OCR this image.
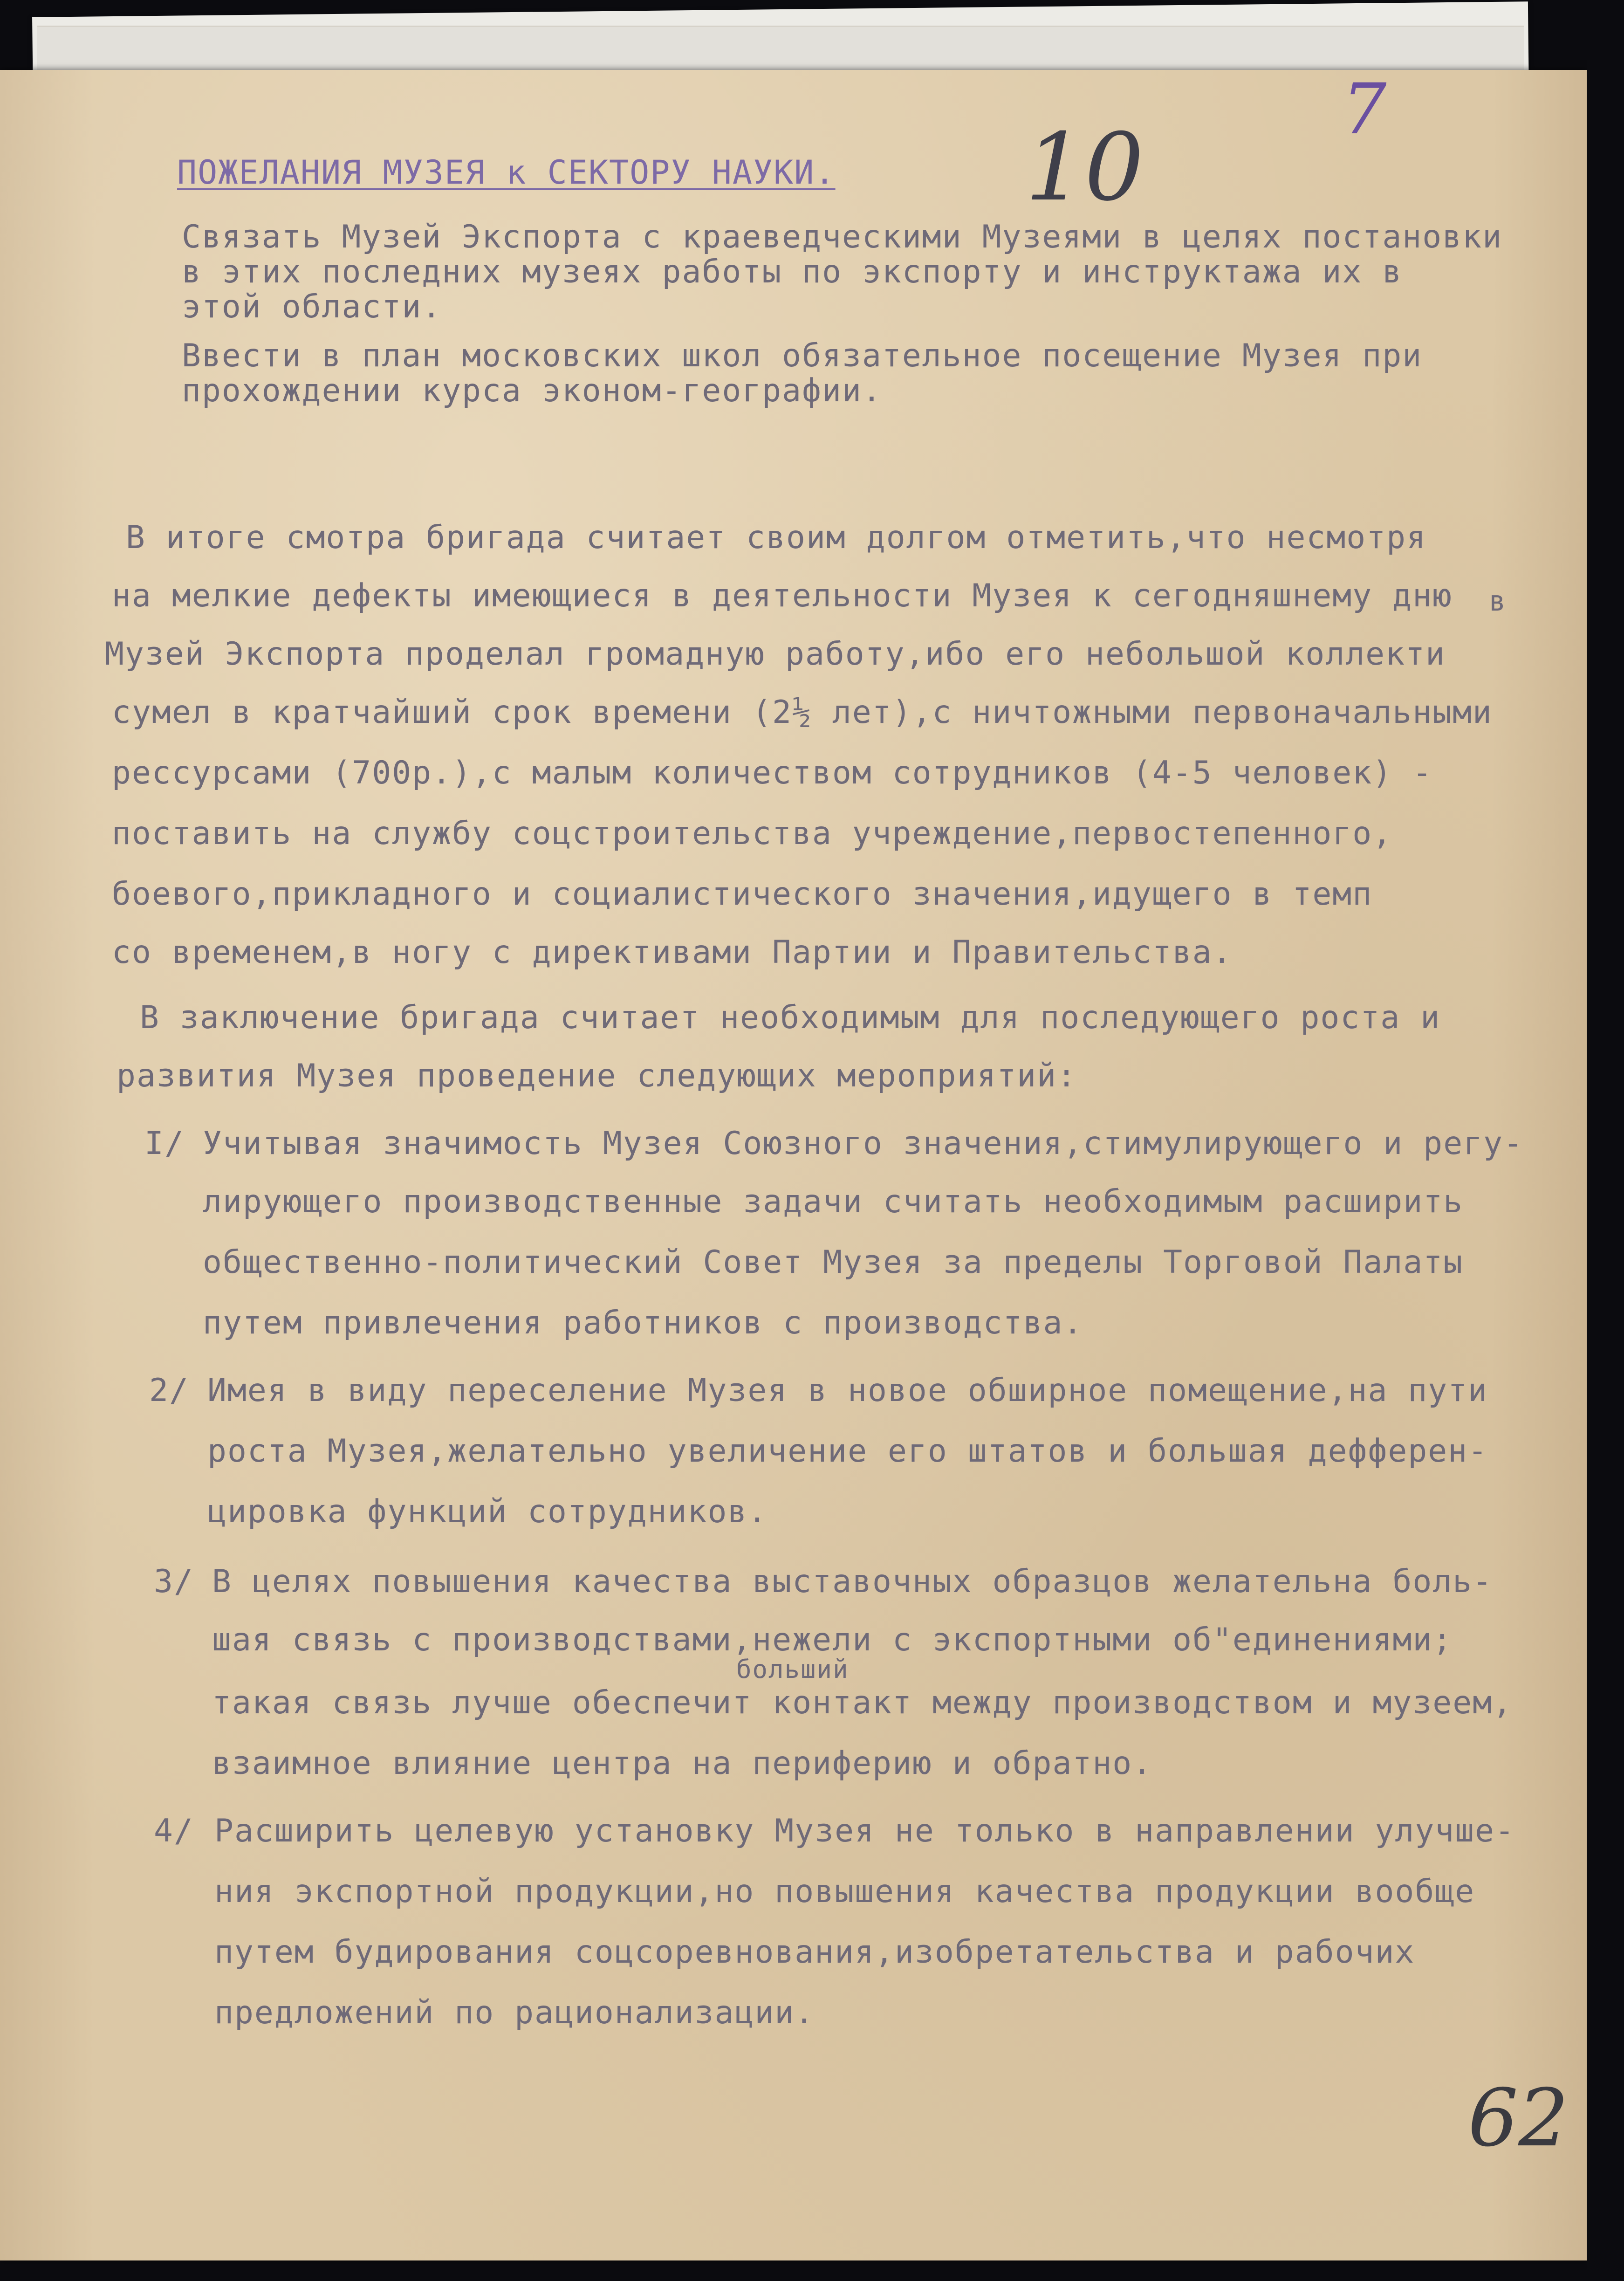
7
10
ПОЖЕЛАНИЯ МУЗЕЯ к СЕКТОРУ НАУКИ.
Связать Музей Экспорта с краеведческими Музеями в целях постановки
в этих последних музеях работы по экспорту и инструктажа их в
этой области.
Ввести в план московских школ обязательное посещение Музея при
прохождении курса эконом-географии.
В итоге смотра бригада считает своим долгом отметить,что несмотря
на мелкие дефекты имеющиеся в деятельности Музея к сегодняшнему дню в
Музей Экспорта проделал громадную работу,ибо его небольшой коллекти
сумел в кратчайший срок времени (2½ лет),с ничтожными первоначальными
рессурсами (700р.),с малым количеством сотрудников (4-5 человек) -
поставить на службу соцстроительства учреждение,первостепенного,
боевого,прикладного и социалистического значения,идущего в темп
со временем,в ногу с директивами Партии и Правительства.
В заключение бригада считает необходимым для последующего роста и
развития Музея проведение следующих мероприятий:
I/ Учитывая значимость Музея Союзного значения,стимулирующего и регу-
лирующего производственные задачи считать необходимым расширить
общественно-политический Совет Музея за пределы Торговой Палаты
путем привлечения работников с производства.
2/ Имея в виду переселение Музея в новое обширное помещение,на пути
роста Музея,желательно увеличение его штатов и большая дефферен-
цировка функций сотрудников.
3/ В целях повышения качества выставочных образцов желательна боль-
шая связь с производствами,нежели с экспортными об"единениями;
больший
такая связь лучше обеспечит контакт между производством и музеем,
взаимное влияние центра на периферию и обратно.
4/ Расширить целевую установку Музея не только в направлении улучше-
ния экспортной продукции,но повышения качества продукции вообще
путем будирования соцсоревнования,изобретательства и рабочих
предложений по рационализации.
62
